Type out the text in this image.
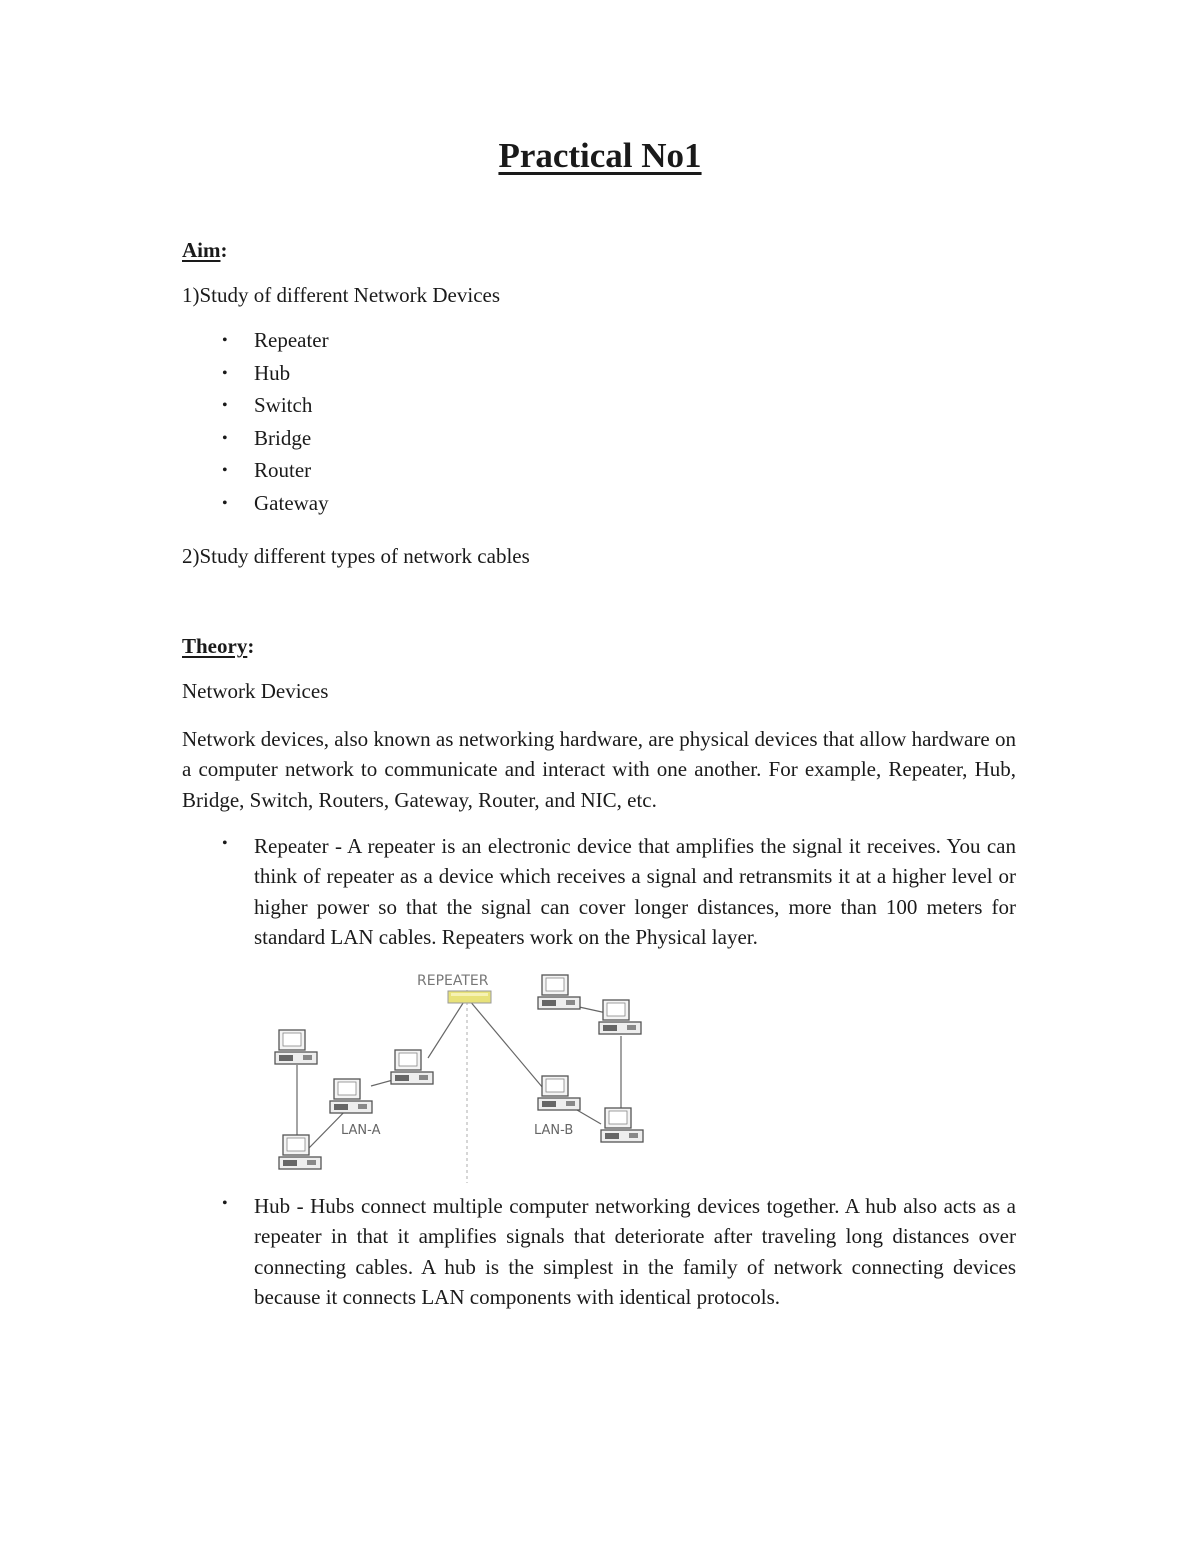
Practical No1
Aim:
1)Study of different Network Devices
• Repeater
• Hub
• Switch
• Bridge
• Router
• Gateway
2)Study different types of network cables
Theory:
Network Devices
Network devices, also known as networking hardware, are physical devices that allow hardware on a computer network to communicate and interact with one another. For example, Repeater, Hub, Bridge, Switch, Routers, Gateway, Router, and NIC, etc.
• Repeater - A repeater is an electronic device that amplifies the signal it receives. You can think of repeater as a device which receives a signal and retransmits it at a higher level or higher power so that the signal can cover longer distances, more than 100 meters for standard LAN cables. Repeaters work on the Physical layer.
REPEATER
LAN-A	LAN-B
• Hub - Hubs connect multiple computer networking devices together. A hub also acts as a repeater in that it amplifies signals that deteriorate after traveling long distances over connecting cables. A hub is the simplest in the family of network connecting devices because it connects LAN components with identical protocols.
